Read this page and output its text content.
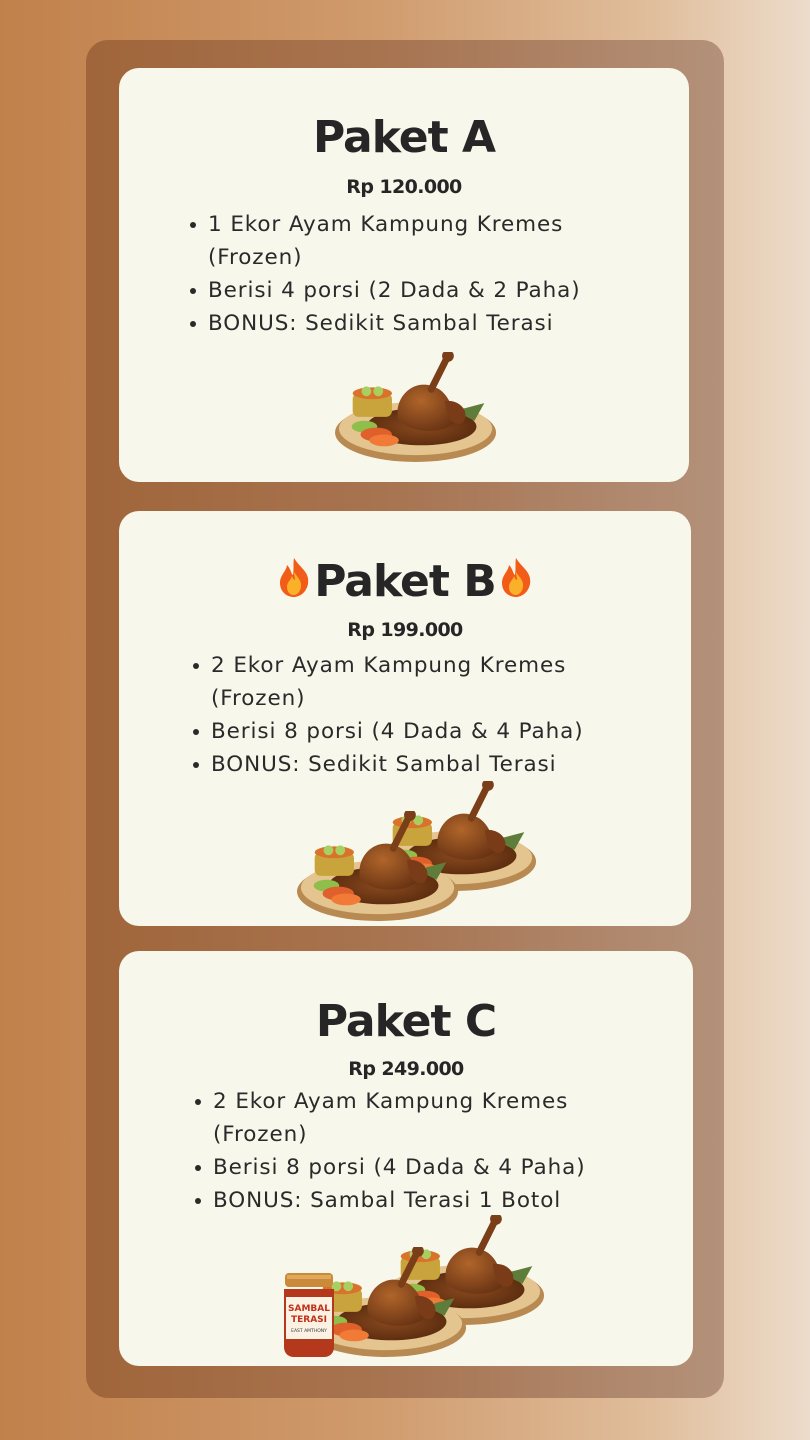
Paket A
Rp 120.000
1 Ekor Ayam Kampung Kremes
(Frozen)
Berisi 4 porsi (2 Dada & 2 Paha)
BONUS: Sedikit Sambal Terasi
Paket B
Rp 199.000
2 Ekor Ayam Kampung Kremes
(Frozen)
Berisi 8 porsi (4 Dada & 4 Paha)
BONUS: Sedikit Sambal Terasi
Paket C
Rp 249.000
2 Ekor Ayam Kampung Kremes
(Frozen)
Berisi 8 porsi (4 Dada & 4 Paha)
BONUS: Sambal Terasi 1 Botol
SAMBAL
TERASI
EAST AMTHONY
